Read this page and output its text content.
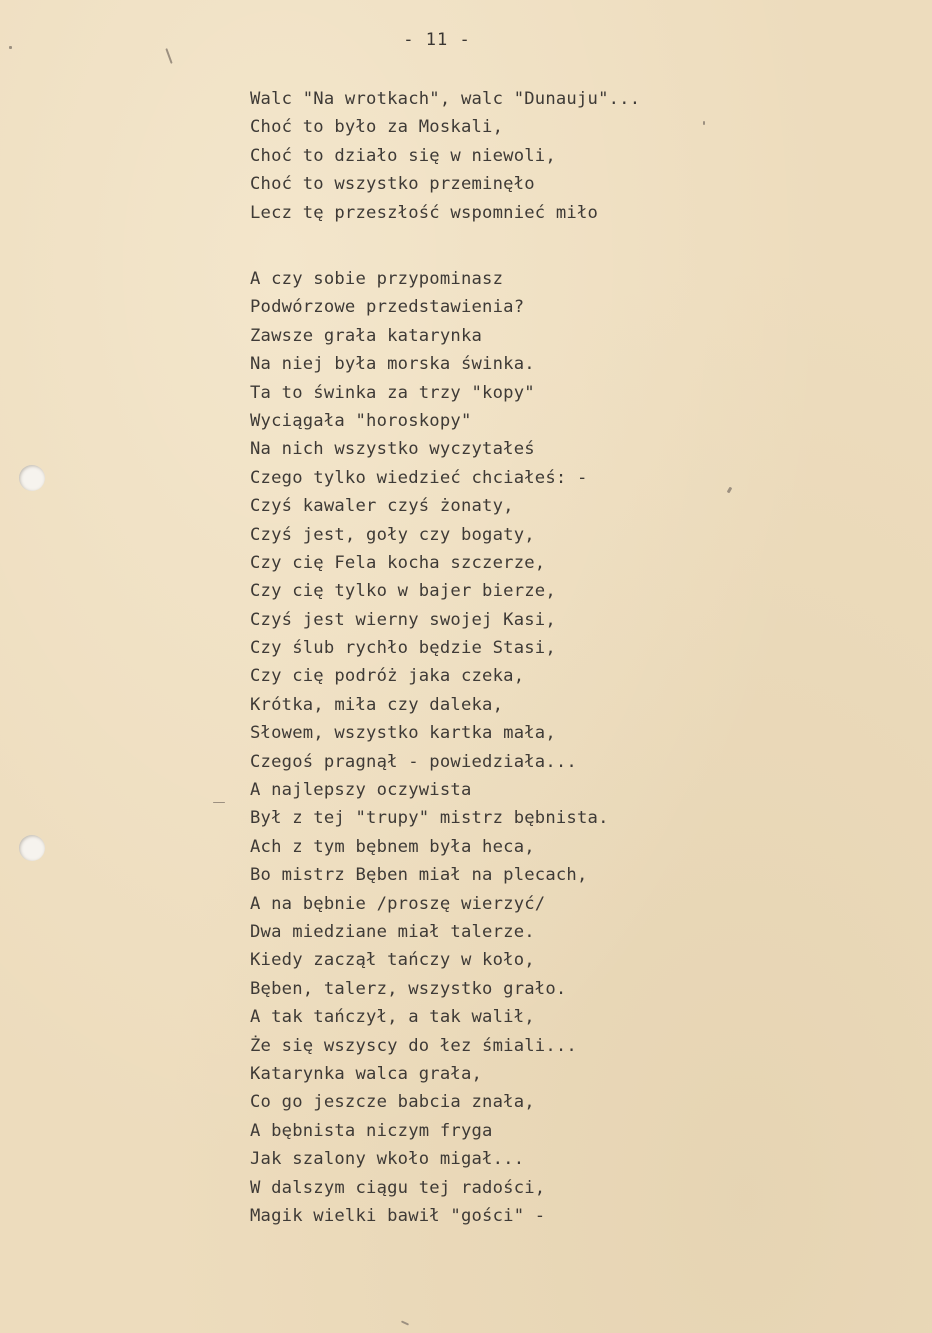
- 11 -
Walc "Na wrotkach", walc "Dunauju"...
Choć to było za Moskali,
Choć to działo się w niewoli,
Choć to wszystko przeminęło
Lecz tę przeszłość wspomnieć miło
A czy sobie przypominasz
Podwórzowe przedstawienia?
Zawsze grała katarynka
Na niej była morska świnka.
Ta to świnka za trzy "kopy"
Wyciągała "horoskopy"
Na nich wszystko wyczytałeś
Czego tylko wiedzieć chciałeś: -
Czyś kawaler czyś żonaty,
Czyś jest, goły czy bogaty,
Czy cię Fela kocha szczerze,
Czy cię tylko w bajer bierze,
Czyś jest wierny swojej Kasi,
Czy ślub rychło będzie Stasi,
Czy cię podróż jaka czeka,
Krótka, miła czy daleka,
Słowem, wszystko kartka mała,
Czegoś pragnął - powiedziała...
A najlepszy oczywista
Był z tej "trupy" mistrz bębnista.
Ach z tym bębnem była heca,
Bo mistrz Bęben miał na plecach,
A na bębnie /proszę wierzyć/
Dwa miedziane miał talerze.
Kiedy zaczął tańczy w koło,
Bęben, talerz, wszystko grało.
A tak tańczył, a tak walił,
Że się wszyscy do łez śmiali...
Katarynka walca grała,
Co go jeszcze babcia znała,
A bębnista niczym fryga
Jak szalony wkoło migał...
W dalszym ciągu tej radości,
Magik wielki bawił "gości" -
